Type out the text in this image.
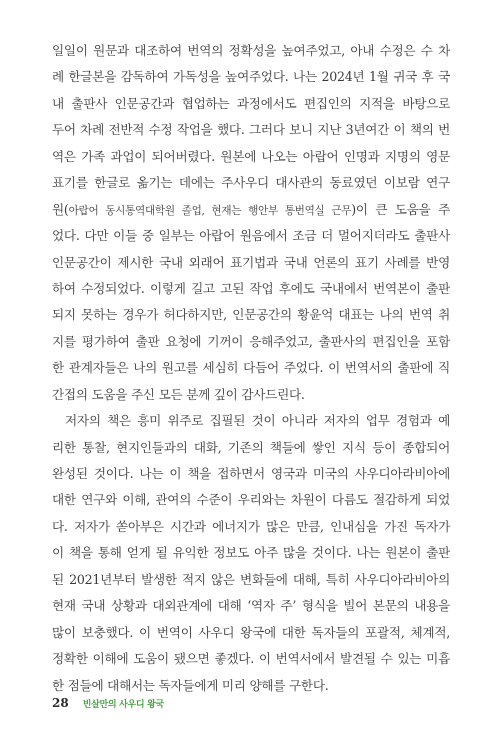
일일이 원문과 대조하여 번역의 정확성을 높여주었고, 아내 수정은 수 차
례 한글본을 감독하여 가독성을 높여주었다. 나는 2024년 1월 귀국 후 국
내 출판사 인문공간과 협업하는 과정에서도 편집인의 지적을 바탕으로
두어 차례 전반적 수정 작업을 했다. 그러다 보니 지난 3년여간 이 책의 번
역은 가족 과업이 되어버렸다. 원본에 나오는 아랍어 인명과 지명의 영문
표기를 한글로 옮기는 데에는 주사우디 대사관의 동료였던 이보람 연구
원(아랍어 동시통역대학원 졸업, 현재는 행안부 통번역실 근무)이 큰 도움을 주
었다. 다만 이들 중 일부는 아랍어 원음에서 조금 더 멀어지더라도 출판사
인문공간이 제시한 국내 외래어 표기법과 국내 언론의 표기 사례를 반영
하여 수정되었다. 이렇게 길고 고된 작업 후에도 국내에서 번역본이 출판
되지 못하는 경우가 허다하지만, 인문공간의 황윤억 대표는 나의 번역 취
지를 평가하여 출판 요청에 기꺼이 응해주었고, 출판사의 편집인을 포함
한 관계자들은 나의 원고를 세심히 다듬어 주었다. 이 번역서의 출판에 직
간접의 도움을 주신 모든 분께 깊이 감사드린다.
저자의 책은 흥미 위주로 집필된 것이 아니라 저자의 업무 경험과 예
리한 통찰, 현지인들과의 대화, 기존의 책들에 쌓인 지식 등이 종합되어
완성된 것이다. 나는 이 책을 접하면서 영국과 미국의 사우디아라비아에
대한 연구와 이해, 관여의 수준이 우리와는 차원이 다름도 절감하게 되었
다. 저자가 쏟아부은 시간과 에너지가 많은 만큼, 인내심을 가진 독자가
이 책을 통해 얻게 될 유익한 정보도 아주 많을 것이다. 나는 원본이 출판
된 2021년부터 발생한 적지 않은 변화들에 대해, 특히 사우디아라비아의
현재 국내 상황과 대외관계에 대해 ‘역자 주’ 형식을 빌어 본문의 내용을
많이 보충했다. 이 번역이 사우디 왕국에 대한 독자들의 포괄적, 체계적,
정확한 이해에 도움이 됐으면 좋겠다. 이 번역서에서 발견될 수 있는 미흡
한 점들에 대해서는 독자들에게 미리 양해를 구한다.
28 빈살만의 사우디 왕국
